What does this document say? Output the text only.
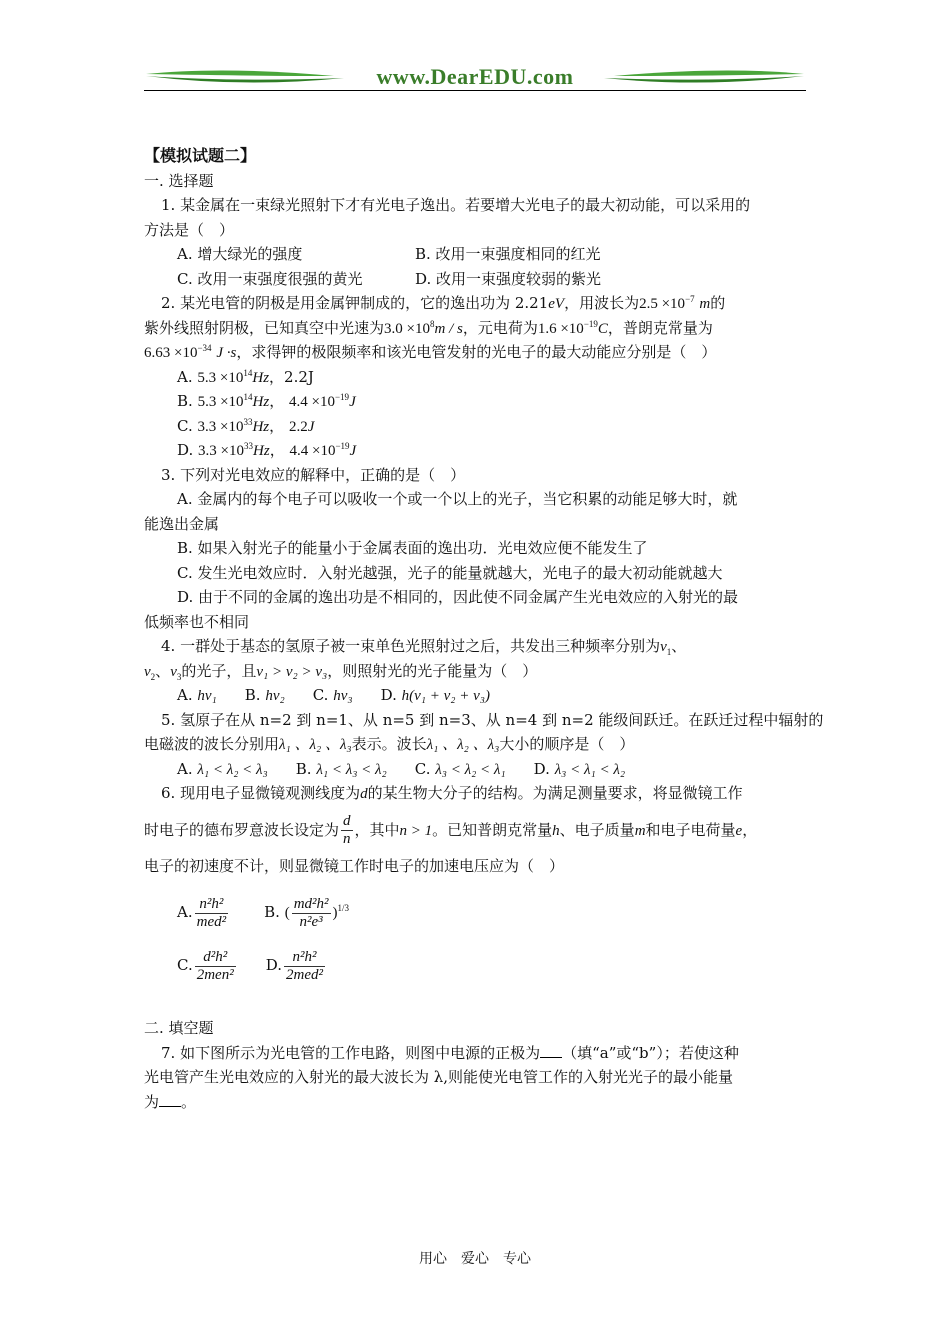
www.DearEDU.com
【模拟试题二】
一. 选择题
1. 某金属在一束绿光照射下才有光电子逸出。若要增大光电子的最大初动能，可以采用的
方法是（　）
A. 增大绿光的强度	B. 改用一束强度相同的红光
C. 改用一束强度很强的黄光	D. 改用一束强度较弱的紫光
2. 某光电管的阴极是用金属钾制成的，它的逸出功为 2.21eV，用波长为$2.5 \times 10^{-7}$ m的
紫外线照射阴极，已知真空中光速为$3.0 \times 10^8m / s$，元电荷为$1.6 \times 10^{-19}C$，普朗克常量为
$6.63 \times 10^{-34}$ J ·s，求得钾的极限频率和该光电管发射的光电子的最大动能应分别是（　）
A. $5.3 \times 10^{14}Hz$，2.2J
B. $5.3 \times 10^{14}Hz$， $4.4 \times 10^{-19}J$
C. $3.3 \times 10^{33}Hz$， 2.2J
D. $3.3 \times 10^{33}Hz$， $4.4 \times 10^{-19}J$
3. 下列对光电效应的解释中，正确的是（　）
A. 金属内的每个电子可以吸收一个或一个以上的光子，当它积累的动能足够大时，就
能逸出金属
B. 如果入射光子的能量小于金属表面的逸出功．光电效应便不能发生了
C. 发生光电效应时．入射光越强，光子的能量就越大，光电子的最大初动能就越大
D. 由于不同的金属的逸出功是不相同的，因此使不同金属产生光电效应的入射光的最
低频率也不相同
4. 一群处于基态的氢原子被一束单色光照射过之后，共发出三种频率分别为$\nu_1$、
$\nu_2$、$\nu_3$的光子，且ν₁ > ν₂ > ν₃，则照射光的光子能量为（　）
A. hν₁ B. hν₂ C. hν₃ D. h(ν₁ + ν₂ + ν₃)
5. 氢原子在从 n=2 到 n=1、从 n=5 到 n=3、从 n=4 到 n=2 能级间跃迁。在跃迁过程中辐射的
电磁波的波长分别用λ₁ 、λ₂ 、λ₃表示。波长λ₁ 、λ₂ 、λ₃大小的顺序是（　）
A. λ₁ < λ₂ < λ₃ B. λ₁ < λ₃ < λ₂ C. λ₃ < λ₂ < λ₁ D. λ₃ < λ₁ < λ₂
6. 现用电子显微镜观测线度为d的某生物大分子的结构。为满足测量要求，将显微镜工作
时电子的德布罗意波长设定为 $\frac{d}{n}$ ，其中n > 1。已知普朗克常量h、电子质量m和电子电荷量e，
电子的初速度不计，则显微镜工作时电子的加速电压应为（　）
A. $\frac{\text{n²h²}}{\text{med²}} B$. ( $\frac{\text{md²h²}}{\text{n²e³}} )^{1/3}$
C. $\frac{\text{d²h²}}{\text{2men²}} D$. $\frac{\text{n²h²}}{\text{2med²}}$
二. 填空题
7. 如下图所示为光电管的工作电路，则图中电源的正极为 （填“a”或“b”）；若使这种
光电管产生光电效应的入射光的最大波长为 λ,则能使光电管工作的入射光光子的最小能量
为 。
用心　爱心　专心
